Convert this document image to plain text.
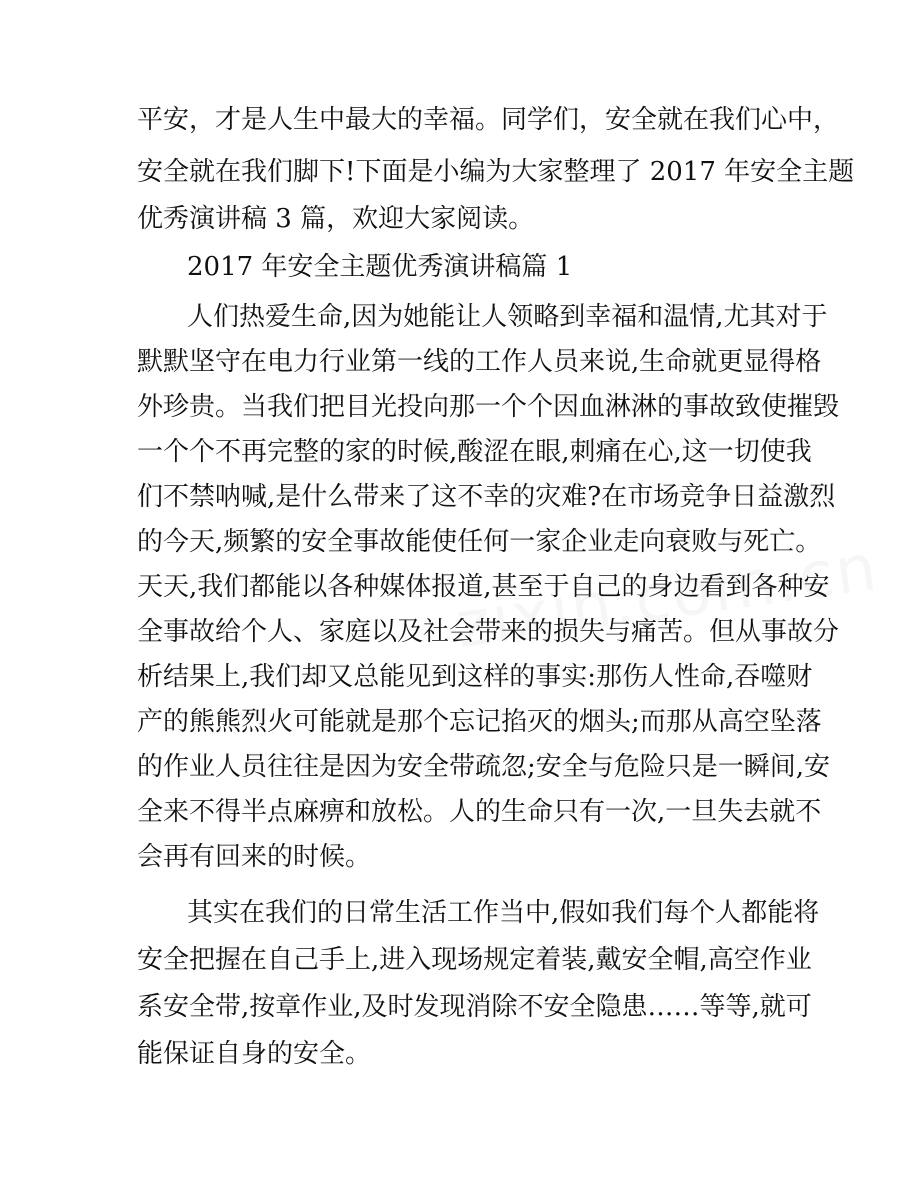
平安，才是人生中最大的幸福。同学们，安全就在我们心中，

安全就在我们脚下!下面是小编为大家整理了 2017 年安全主题

优秀演讲稿 3 篇，欢迎大家阅读。

2017 年安全主题优秀演讲稿篇 1

人们热爱生命,因为她能让人领略到幸福和温情,尤其对于

默默坚守在电力行业第一线的工作人员来说,生命就更显得格

外珍贵。当我们把目光投向那一个个因血淋淋的事故致使摧毁

一个个不再完整的家的时候,酸涩在眼,刺痛在心,这一切使我

们不禁呐喊,是什么带来了这不幸的灾难?在市场竞争日益激烈

的今天,频繁的安全事故能使任何一家企业走向衰败与死亡。

天天,我们都能以各种媒体报道,甚至于自己的身边看到各种安

全事故给个人、家庭以及社会带来的损失与痛苦。但从事故分

析结果上,我们却又总能见到这样的事实:那伤人性命,吞噬财

产的熊熊烈火可能就是那个忘记掐灭的烟头;而那从高空坠落

的作业人员往往是因为安全带疏忽;安全与危险只是一瞬间,安

全来不得半点麻痹和放松。人的生命只有一次,一旦失去就不

会再有回来的时候。

其实在我们的日常生活工作当中,假如我们每个人都能将

安全把握在自己手上,进入现场规定着装,戴安全帽,高空作业

系安全带,按章作业,及时发现消除不安全隐患……等等,就可

能保证自身的安全。
